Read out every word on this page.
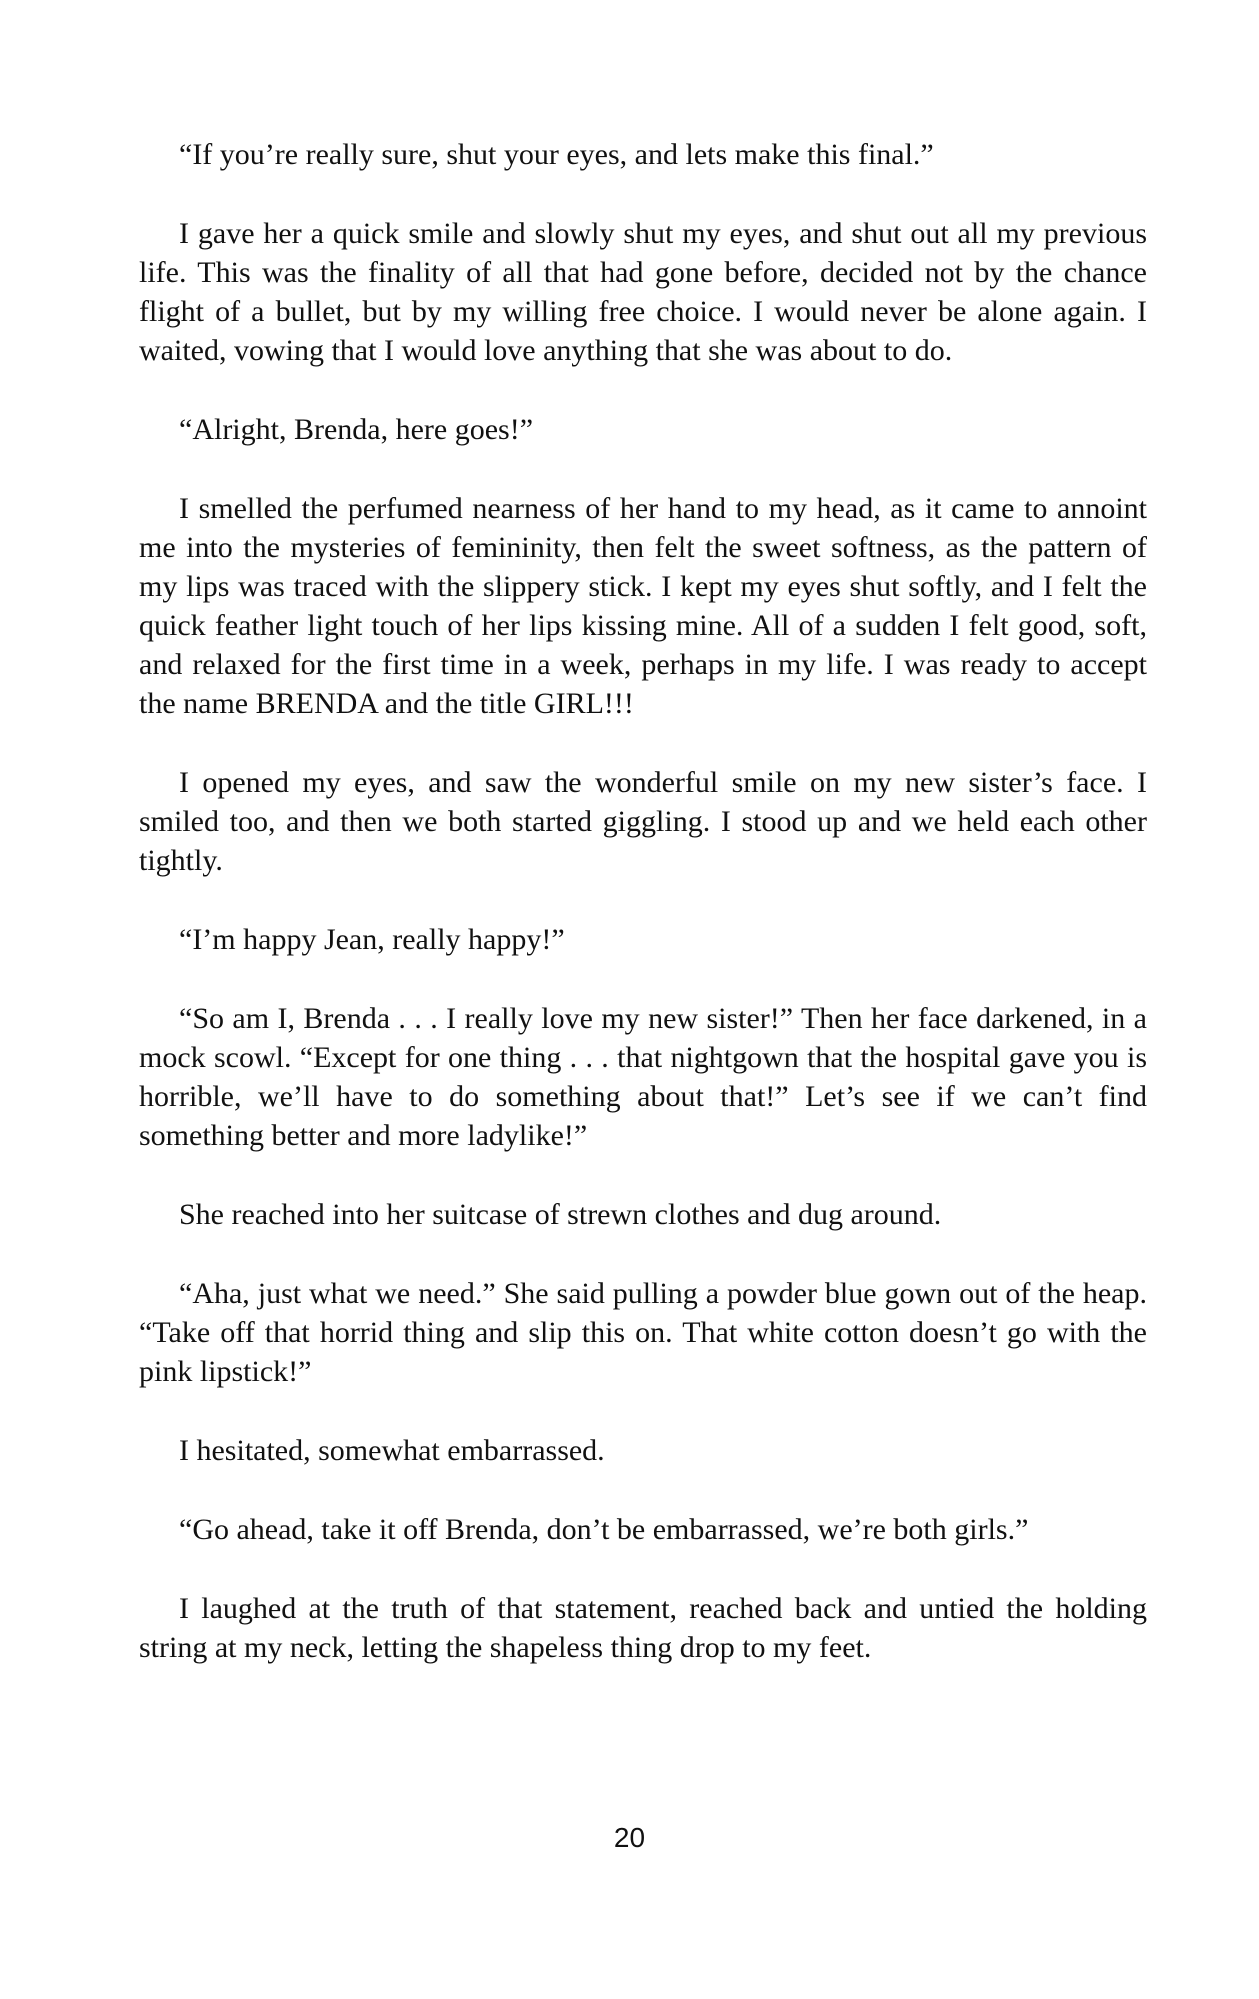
“If you’re really sure, shut your eyes, and lets make this final.”

I gave her a quick smile and slowly shut my eyes, and shut out all my previous life. This was the finality of all that had gone before, decided not by the chance flight of a bullet, but by my willing free choice. I would never be alone again. I waited, vowing that I would love anything that she was about to do.

“Alright, Brenda, here goes!”

I smelled the perfumed nearness of her hand to my head, as it came to annoint me into the mysteries of femininity, then felt the sweet softness, as the pattern of my lips was traced with the slippery stick. I kept my eyes shut softly, and I felt the quick feather light touch of her lips kissing mine. All of a sudden I felt good, soft, and relaxed for the first time in a week, perhaps in my life. I was ready to accept the name BRENDA and the title GIRL!!!

I opened my eyes, and saw the wonderful smile on my new sister’s face. I smiled too, and then we both started giggling. I stood up and we held each other tightly.

“I’m happy Jean, really happy!”

“So am I, Brenda . . . I really love my new sister!” Then her face darkened, in a mock scowl. “Except for one thing . . . that nightgown that the hospital gave you is horrible, we’ll have to do something about that!” Let’s see if we can’t find something better and more ladylike!”

She reached into her suitcase of strewn clothes and dug around.

“Aha, just what we need.” She said pulling a powder blue gown out of the heap. “Take off that horrid thing and slip this on. That white cotton doesn’t go with the pink lipstick!”

I hesitated, somewhat embarrassed.

“Go ahead, take it off Brenda, don’t be embarrassed, we’re both girls.”

I laughed at the truth of that statement, reached back and untied the holding string at my neck, letting the shapeless thing drop to my feet.

20
